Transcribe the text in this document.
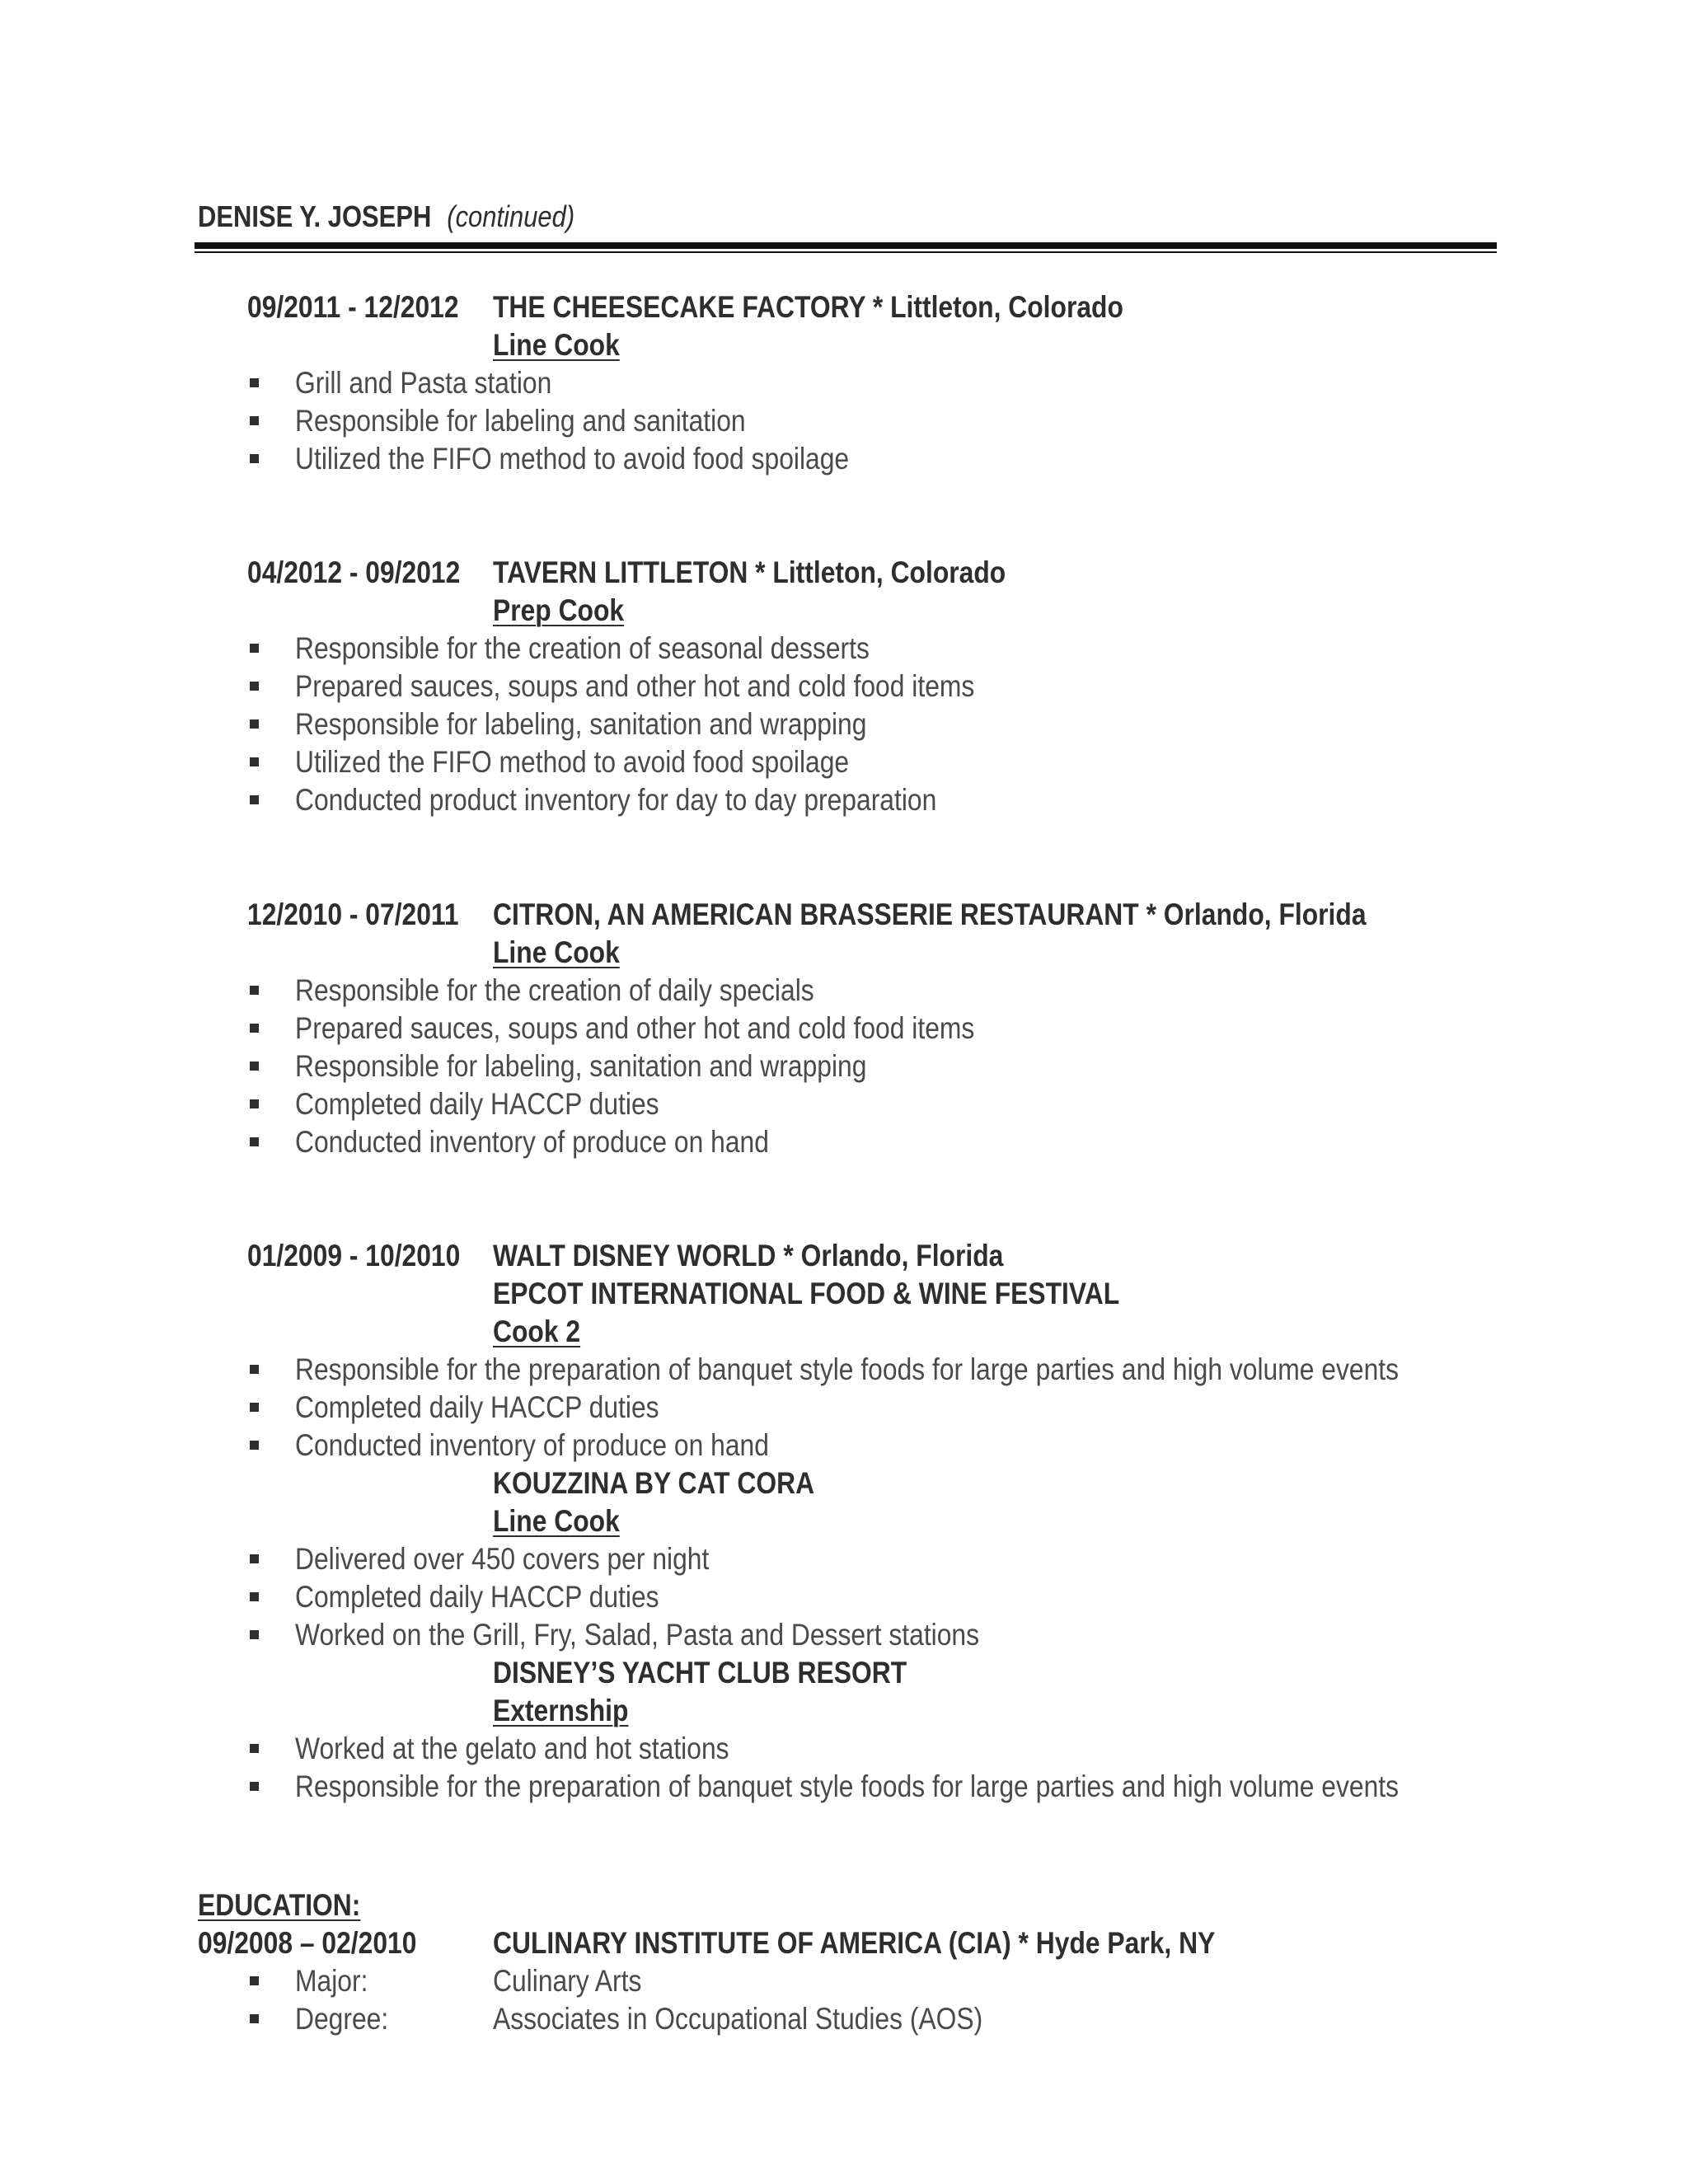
DENISE Y. JOSEPH (continued)
09/2011 - 12/2012 THE CHEESECAKE FACTORY * Littleton, Colorado
Line Cook
Grill and Pasta station
Responsible for labeling and sanitation
Utilized the FIFO method to avoid food spoilage
04/2012 - 09/2012 TAVERN LITTLETON * Littleton, Colorado
Prep Cook
Responsible for the creation of seasonal desserts
Prepared sauces, soups and other hot and cold food items
Responsible for labeling, sanitation and wrapping
Utilized the FIFO method to avoid food spoilage
Conducted product inventory for day to day preparation
12/2010 - 07/2011 CITRON, AN AMERICAN BRASSERIE RESTAURANT * Orlando, Florida
Line Cook
Responsible for the creation of daily specials
Prepared sauces, soups and other hot and cold food items
Responsible for labeling, sanitation and wrapping
Completed daily HACCP duties
Conducted inventory of produce on hand
01/2009 - 10/2010 WALT DISNEY WORLD * Orlando, Florida
EPCOT INTERNATIONAL FOOD & WINE FESTIVAL
Cook 2
Responsible for the preparation of banquet style foods for large parties and high volume events
Completed daily HACCP duties
Conducted inventory of produce on hand
KOUZZINA BY CAT CORA
Line Cook
Delivered over 450 covers per night
Completed daily HACCP duties
Worked on the Grill, Fry, Salad, Pasta and Dessert stations
DISNEY’S YACHT CLUB RESORT
Externship
Worked at the gelato and hot stations
Responsible for the preparation of banquet style foods for large parties and high volume events
EDUCATION:
09/2008 – 02/2010	CULINARY INSTITUTE OF AMERICA (CIA) * Hyde Park, NY
Major:	Culinary Arts
Degree:	Associates in Occupational Studies (AOS)
